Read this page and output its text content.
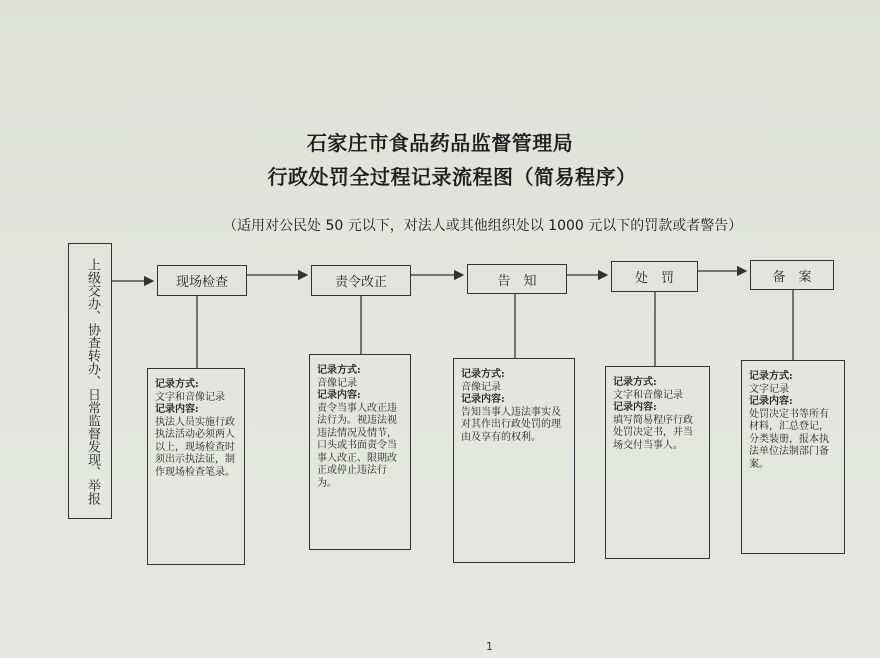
石家庄市食品药品监督管理局
行政处罚全过程记录流程图（简易程序）
（适用对公民处 50 元以下，对法人或其他组织处以 1000 元以下的罚款或者警告）
上级交办、协查转办、日常监督发现、举报	现场检查	责令改正	告　知	处　罚	备　案
记录方式:
文字和音像记录
记录内容:
执法人员实施行政执法活动必须两人以上，现场检查时须出示执法证，制作现场检查笔录。
记录方式:
音像记录
记录内容:
责令当事人改正违法行为。视违法视违法情况及情节，口头或书面责令当事人改正、限期改正或停止违法行为。
记录方式:
音像记录
记录内容:
告知当事人违法事实及对其作出行政处罚的理由及享有的权利。
记录方式:
文字和音像记录
记录内容:
填写简易程序行政处罚决定书，并当场交付当事人。
记录方式:
文字记录
记录内容:
处罚决定书等所有材料，汇总登记，分类装册，报本执法单位法制部门备案。
1
